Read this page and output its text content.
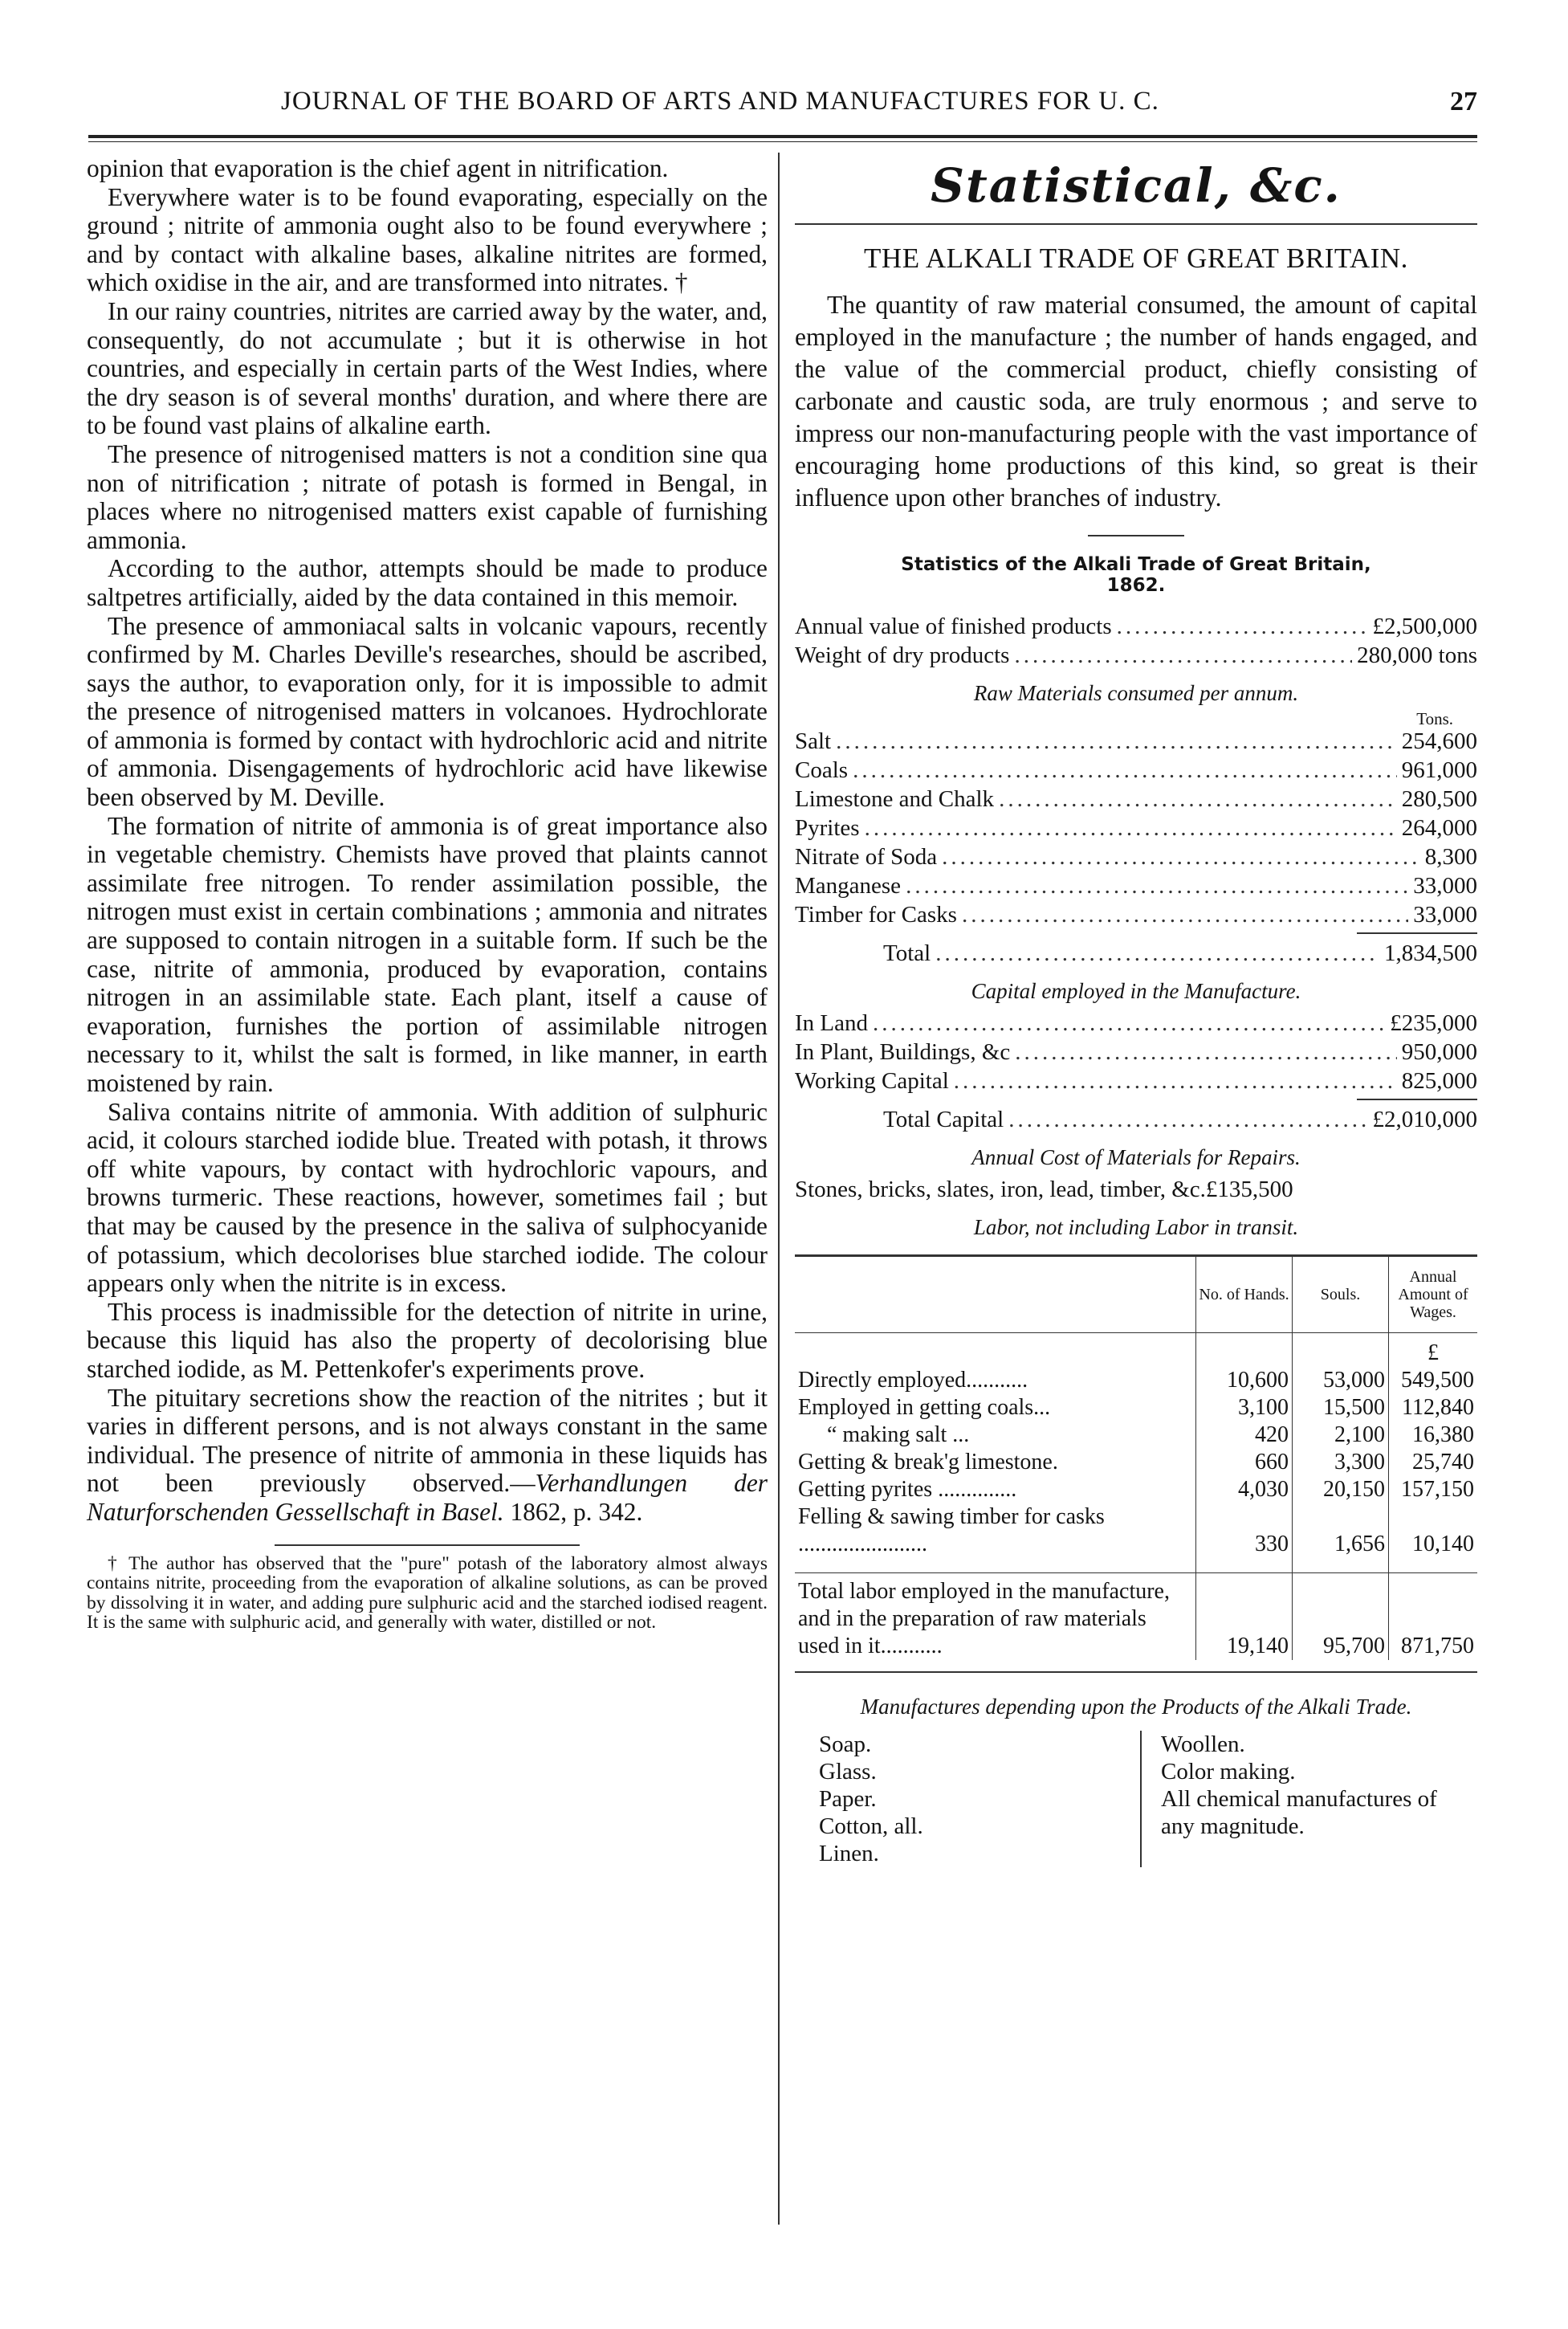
JOURNAL OF THE BOARD OF ARTS AND MANUFACTURES FOR U. C.	27

opinion that evaporation is the chief agent in nitrification.

Everywhere water is to be found evaporating, especially on the ground ; nitrite of ammonia ought also to be found everywhere ; and by contact with alkaline bases, alkaline nitrites are formed, which oxidise in the air, and are transformed into nitrates. †

In our rainy countries, nitrites are carried away by the water, and, consequently, do not accumulate ; but it is otherwise in hot countries, and especially in certain parts of the West Indies, where the dry season is of several months' duration, and where there are to be found vast plains of alkaline earth.

The presence of nitrogenised matters is not a condition sine qua non of nitrification ; nitrate of potash is formed in Bengal, in places where no nitrogenised matters exist capable of furnishing ammonia.

According to the author, attempts should be made to produce saltpetres artificially, aided by the data contained in this memoir.

The presence of ammoniacal salts in volcanic vapours, recently confirmed by M. Charles Deville's researches, should be ascribed, says the author, to evaporation only, for it is impossible to admit the presence of nitrogenised matters in volcanoes. Hydrochlorate of ammonia is formed by contact with hydrochloric acid and nitrite of ammonia. Disengagements of hydrochloric acid have likewise been observed by M. Deville.

The formation of nitrite of ammonia is of great importance also in vegetable chemistry. Chemists have proved that plaints cannot assimilate free nitrogen. To render assimilation possible, the nitrogen must exist in certain combinations ; ammonia and nitrates are supposed to contain nitrogen in a suitable form. If such be the case, nitrite of ammonia, produced by evaporation, contains nitrogen in an assimilable state. Each plant, itself a cause of evaporation, furnishes the portion of assimilable nitrogen necessary to it, whilst the salt is formed, in like manner, in earth moistened by rain.

Saliva contains nitrite of ammonia. With addition of sulphuric acid, it colours starched iodide blue. Treated with potash, it throws off white vapours, by contact with hydrochloric vapours, and browns turmeric. These reactions, however, sometimes fail ; but that may be caused by the presence in the saliva of sulphocyanide of potassium, which decolorises blue starched iodide. The colour appears only when the nitrite is in excess.

This process is inadmissible for the detection of nitrite in urine, because this liquid has also the property of decolorising blue starched iodide, as M. Pettenkofer's experiments prove.

The pituitary secretions show the reaction of the nitrites ; but it varies in different persons, and is not always constant in the same individual. The presence of nitrite of ammonia in these liquids has not been previously observed.—Verhandlungen der Naturforschenden Gessellschaft in Basel. 1862, p. 342.

† The author has observed that the "pure" potash of the laboratory almost always contains nitrite, proceeding from the evaporation of alkaline solutions, as can be proved by dissolving it in water, and adding pure sulphuric acid and the starched iodised reagent. It is the same with sulphuric acid, and generally with water, distilled or not.

Statistical, &c.
THE ALKALI TRADE OF GREAT BRITAIN.

The quantity of raw material consumed, the amount of capital employed in the manufacture ; the number of hands engaged, and the value of the commercial product, chiefly consisting of carbonate and caustic soda, are truly enormous ; and serve to impress our non-manufacturing people with the vast importance of encouraging home productions of this kind, so great is their influence upon other branches of industry.

Statistics of the Alkali Trade of Great Britain,
1862.
Annual value of finished products .....	£2,500,000
Weight of dry products .....	280,000 tons
Raw Materials consumed per annum.
Tons.
Salt .....	254,600
Coals .....	961,000
Limestone and Chalk .....	280,500
Pyrites .....	264,000
Nitrate of Soda .....	8,300
Manganese .....	33,000
Timber for Casks .....	33,000
Total .....	1,834,500
Capital employed in the Manufacture.
In Land .....	£235,000
In Plant, Buildings, &c .....	950,000
Working Capital .....	825,000
Total Capital .....	£2,010,000
Annual Cost of Materials for Repairs.
Stones, bricks, slates, iron, lead, timber, &c.£135,500
Labor, not including Labor in transit.
	No. of Hands.	Souls.	Annual Amount of Wages.
			£
Directly employed...........	10,600	53,000	549,500
Employed in getting coals...	3,100	15,500	112,840
“ making salt ...	420	2,100	16,380
Getting & break'g limestone.	660	3,300	25,740
Getting pyrites ..............	4,030	20,150	157,150
Felling & sawing timber for casks .......................	330	1,656	10,140

Total labor employed in the manufacture, and in the preparation of raw materials used in it...........	19,140	95,700	871,750
Manufactures depending upon the Products of the Alkali Trade.
Soap.
Glass.
Paper.
Cotton, all.
Linen.
Woollen.
Color making.
All chemical manufactures of any magnitude.
